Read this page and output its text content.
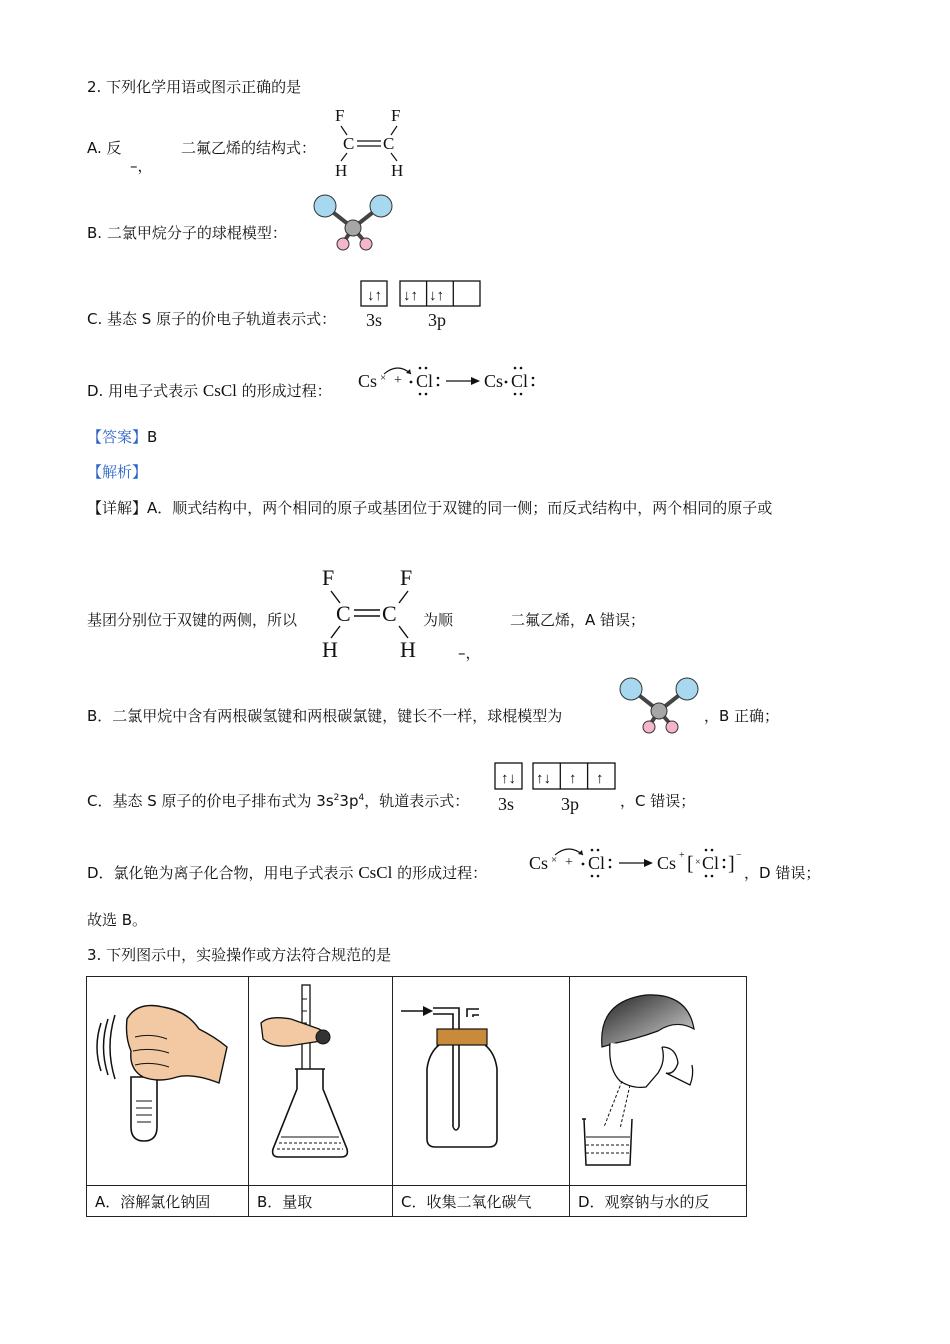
2. 下列化学用语或图示正确的是
A. 反
–，
二氟乙烯的结构式：
F	F
C C
H	H
B. 二氯甲烷分子的球棍模型：
C. 基态 S 原子的价电子轨道表示式：
↓↑ ↓↑ ↓↑
3s	3p
D. 用电子式表示 CsCl 的形成过程： Cs × + Cl	Cs Cl
【答案】B
【解析】
【详解】A．顺式结构中，两个相同的原子或基团位于双键的同一侧；而反式结构中，两个相同的原子或
基团分别位于双键的两侧，所以
F	F
C C
H	H
为顺
–，
二氟乙烯，A 错误；
B．二氯甲烷中含有两根碳氢键和两根碳氯键，键长不一样，球棍模型为	，B 正确；
C．基态 S 原子的价电子排布式为 $3s^23p^4$，轨道表示式：
↑↓ ↑↓ ↑ ↑
3s	3p	，C 错误；
D．氯化铯为离子化合物，用电子式表示 CsCl 的形成过程： Cs × + Cl	Cs + [ × Cl ] −
，D 错误；
故选 B。
3. 下列图示中，实验操作或方法符合规范的是

A．溶解氯化钠固	B．量取	C．收集二氧化碳气	D．观察钠与水的反
